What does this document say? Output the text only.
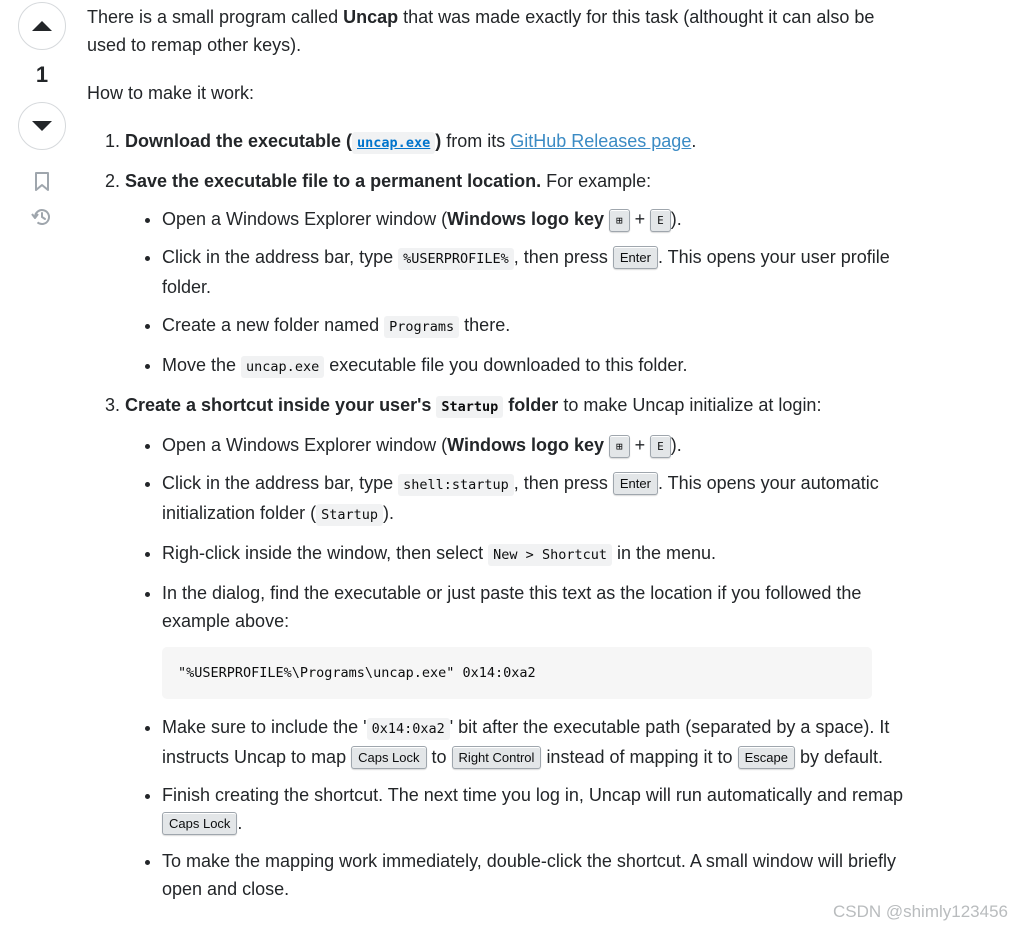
1

There is a small program called Uncap that was made exactly for this task (althought it can also be used to remap other keys).

How to make it work:

1. Download the executable ( uncap.exe ) from its GitHub Releases page.
2. Save the executable file to a permanent location. For example:
• Open a Windows Explorer window (Windows logo key ⊞ + E ).
• Click in the address bar, type %USERPROFILE% , then press Enter . This opens your user profile folder.
• Create a new folder named Programs there.
• Move the uncap.exe executable file you downloaded to this folder.
3. Create a shortcut inside your user's Startup folder to make Uncap initialize at login:
• Open a Windows Explorer window (Windows logo key ⊞ + E ).
• Click in the address bar, type shell:startup , then press Enter . This opens your automatic initialization folder ( Startup ).
• Righ-click inside the window, then select New > Shortcut in the menu.
• In the dialog, find the executable or just paste this text as the location if you followed the example above:
"%USERPROFILE%\Programs\uncap.exe" 0x14:0xa2
• Make sure to include the ' 0x14:0xa2 ' bit after the executable path (separated by a space). It instructs Uncap to map Caps Lock to Right Control instead of mapping it to Escape by default.
• Finish creating the shortcut. The next time you log in, Uncap will run automatically and remap Caps Lock .
• To make the mapping work immediately, double-click the shortcut. A small window will briefly open and close.
CSDN @shimly123456
